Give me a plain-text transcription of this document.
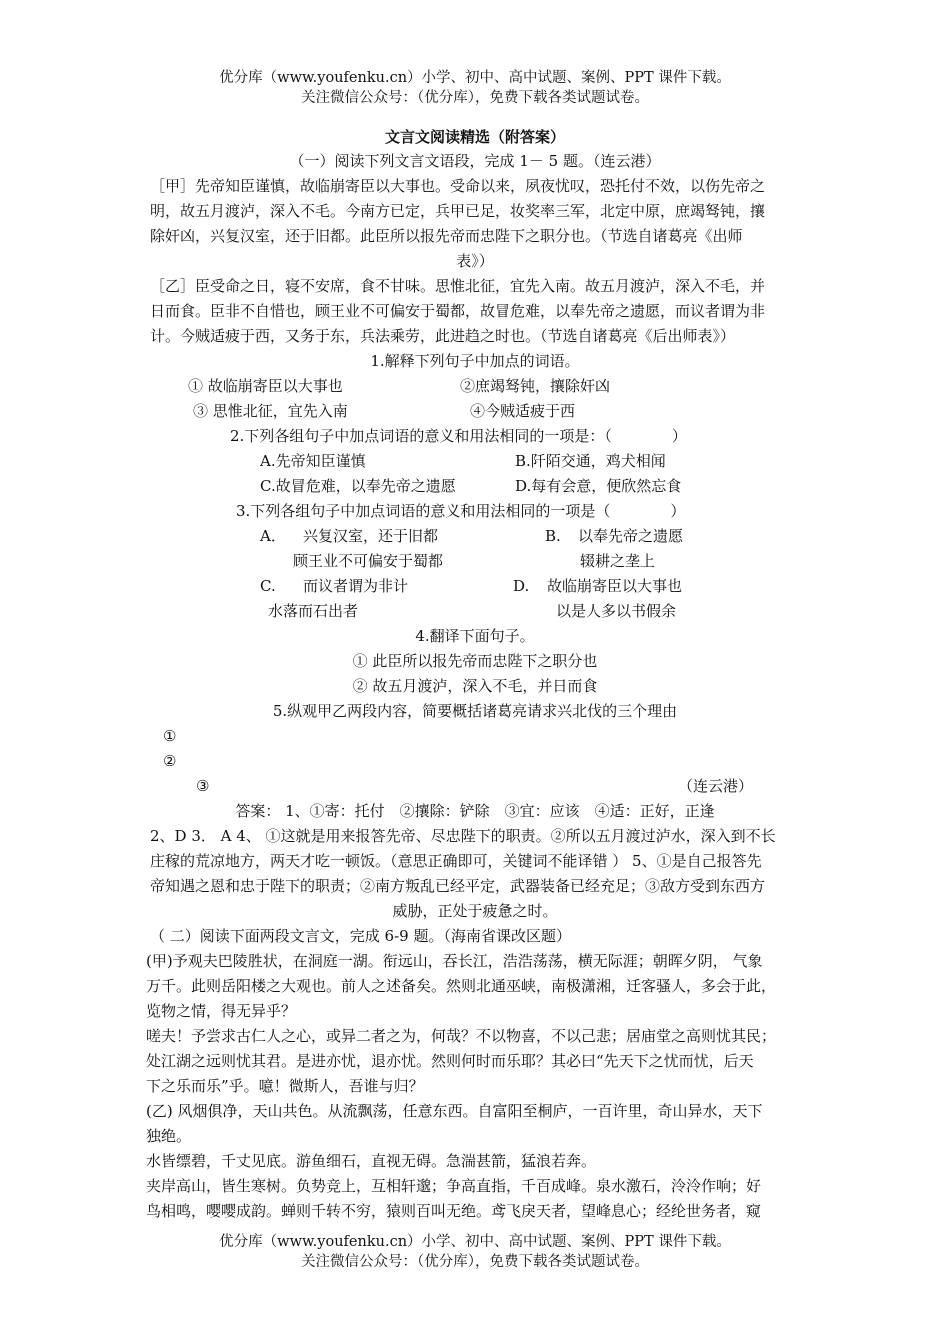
优分库（www.youfenku.cn）小学、初中、高中试题、案例、PPT 课件下载。
关注微信公众号：（优分库），免费下载各类试题试卷。
文言文阅读精选（附答案）
（一）阅读下列文言文语段，完成 1－ 5 题。（连云港）
［甲］先帝知臣谨慎，故临崩寄臣以大事也。受命以来，夙夜忧叹，恐托付不效，以伤先帝之
明，故五月渡泸，深入不毛。今南方已定，兵甲已足，妆奖率三军，北定中原，庶竭驽钝，攘
除奸凶，兴复汉室，还于旧都。此臣所以报先帝而忠陛下之职分也。（节选自诸葛亮《出师
表》）
［乙］臣受命之日，寝不安席，食不甘味。思惟北征，宜先入南。故五月渡泸，深入不毛，并
日而食。臣非不自惜也，顾王业不可偏安于蜀都，故冒危难，以奉先帝之遗愿，而议者谓为非
计。今贼适疲于西，又务于东，兵法乘劳，此进趋之时也。（节选自诸葛亮《后出师表》）
1.解释下列句子中加点的词语。
① 故临崩寄臣以大事也	②庶竭驽钝，攘除奸凶
③ 思惟北征，宜先入南	④今贼适疲于西
2.下列各组句子中加点词语的意义和用法相同的一项是：（　　　　）
A.先帝知臣谨慎	B.阡陌交通，鸡犬相闻
C.故冒危难，以奉先帝之遗愿	D.每有会意，便欣然忘食
3.下列各组句子中加点词语的意义和用法相同的一项是（　　　　）
A． 兴复汉室，还于旧都	B. 以奉先帝之遗愿
顾王业不可偏安于蜀都	辍耕之垄上
C. 而议者谓为非计	D. 故临崩寄臣以大事也
水落而石出者	以是人多以书假余
4.翻译下面句子。
① 此臣所以报先帝而忠陛下之职分也
② 故五月渡泸，深入不毛，并日而食
5.纵观甲乙两段内容，简要概括诸葛亮请求兴北伐的三个理由
①
②
③	（连云港）
答案： 1、①寄：托付　②攘除：铲除　③宜：应该　④适：正好，正逢
2、D 3． A 4、 ①这就是用来报答先帝、尽忠陛下的职责。②所以五月渡过泸水，深入到不长
庄稼的荒凉地方，两天才吃一顿饭。（意思正确即可，关键词不能译错 ） 5、①是自己报答先
帝知遇之恩和忠于陛下的职责；②南方叛乱已经平定，武器装备已经充足；③敌方受到东西方
威胁，正处于疲惫之时。
（ 二）阅读下面两段文言文，完成 6-9 题。（海南省课改区题）
(甲)予观夫巴陵胜状，在洞庭一湖。衔远山，吞长江，浩浩荡荡，横无际涯；朝晖夕阴， 气象
万千。此则岳阳楼之大观也。前人之述备矣。然则北通巫峡，南极潇湘，迁客骚人，多会于此，
览物之情，得无异乎？
嗟夫！予尝求古仁人之心，或异二者之为，何哉？不以物喜，不以己悲；居庙堂之高则忧其民；
处江湖之远则忧其君。是进亦忧，退亦忧。然则何时而乐耶？其必曰“先天下之忧而忧，后天
下之乐而乐”乎。噫！微斯人，吾谁与归？
(乙) 风烟俱净，天山共色。从流飘荡，任意东西。自富阳至桐庐，一百许里，奇山异水，天下
独绝。
水皆缥碧，千丈见底。游鱼细石，直视无碍。急湍甚箭，猛浪若奔。
夹岸高山，皆生寒树。负势竞上，互相轩邈；争高直指，千百成峰。泉水激石，泠泠作响；好
鸟相鸣，嘤嘤成韵。蝉则千转不穷，猿则百叫无绝。鸢飞戾天者，望峰息心；经纶世务者，窥
优分库（www.youfenku.cn）小学、初中、高中试题、案例、PPT 课件下载。
关注微信公众号：（优分库），免费下载各类试题试卷。
